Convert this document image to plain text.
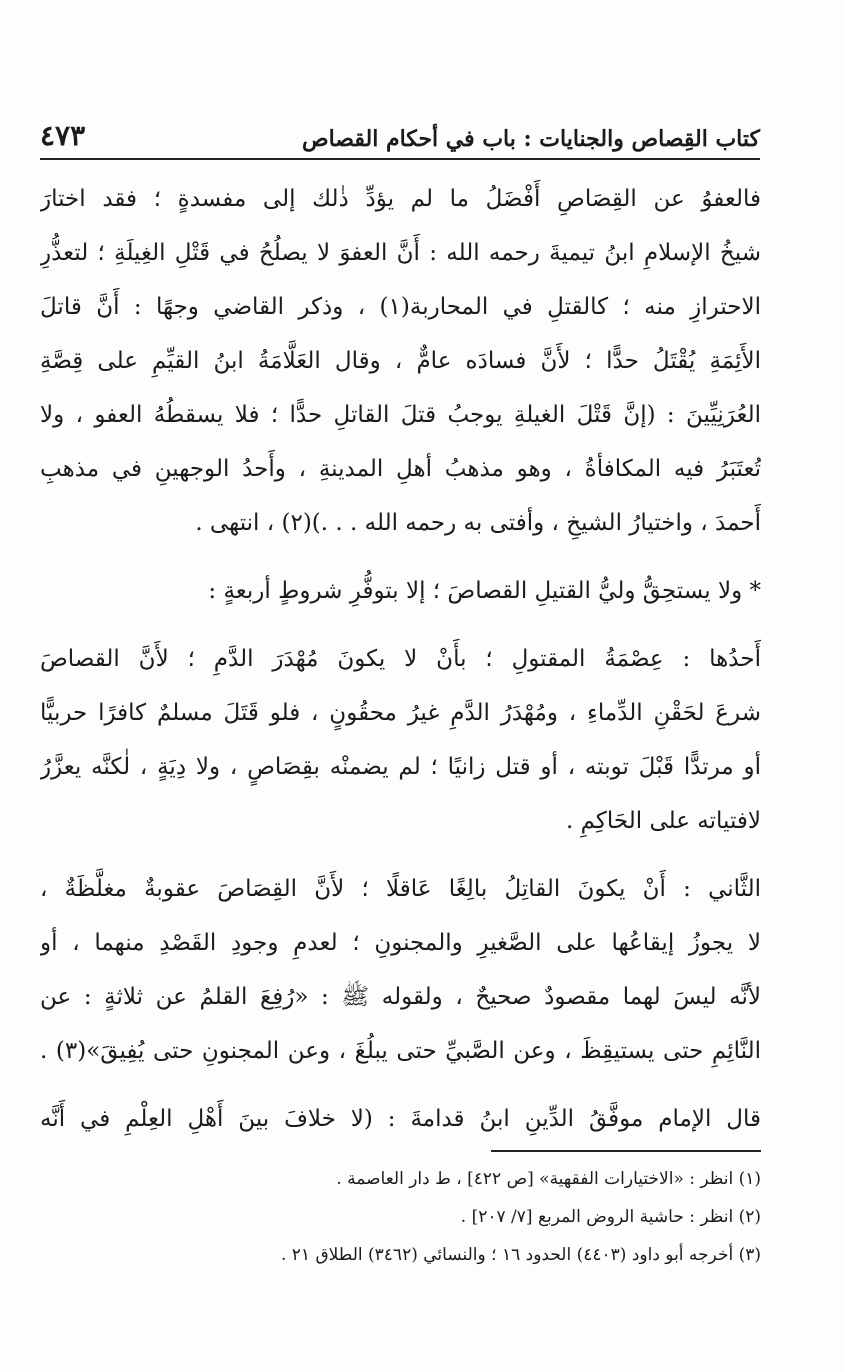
كتاب القِصاص والجنايات : باب في أحكام القصاص
٤٧٣
فالعفوُ عن القِصَاصِ أَفْضَلُ ما لم يؤدِّ ذٰلك إلى مفسدةٍ ؛ فقد اختارَ
شيخُ الإسلامِ ابنُ تيميةَ رحمه الله : أَنَّ العفوَ لا يصلُحُ في قَتْلِ الغِيلَةِ ؛ لتعذُّرِ
الاحترازِ منه ؛ كالقتلِ في المحاربة(١) ، وذكر القاضي وجهًا : أَنَّ قاتلَ
الأَئِمَةِ يُقْتَلُ حدًّا ؛ لأَنَّ فسادَه عامٌّ ، وقال العَلَّامَةُ ابنُ القيِّمِ على قِصَّةِ
العُرَنِيِّينَ : (إنَّ قَتْلَ الغيلةِ يوجبُ قتلَ القاتلِ حدًّا ؛ فلا يسقطُهُ العفو ، ولا
تُعتَبَرُ فيه المكافأةُ ، وهو مذهبُ أهلِ المدينةِ ، وأَحدُ الوجهينِ في مذهبِ
أَحمدَ ، واختيارُ الشيخِ ، وأفتى به رحمه الله . . .)(٢) ، انتهى .
* ولا يستحِقُّ وليُّ القتيلِ القصاصَ ؛ إلا بتوفُّرِ شروطٍ أربعةٍ :
أَحدُها : عِصْمَةُ المقتولِ ؛ بأَنْ لا يكونَ مُهْدَرَ الدَّمِ ؛ لأَنَّ القصاصَ
شرعَ لحَقْنِ الدِّماءِ ، ومُهْدَرُ الدَّمِ غيرُ محقُونٍ ، فلو قَتَلَ مسلمٌ كافرًا حربيًّا
أو مرتدًّا قَبْلَ توبته ، أو قتل زانيًا ؛ لم يضمنْه بقِصَاصٍ ، ولا دِيَةٍ ، لٰكنَّه يعزَّرُ
لافتياته على الحَاكِمِ .
الثَّاني : أَنْ يكونَ القاتِلُ بالِغًا عَاقلًا ؛ لأَنَّ القِصَاصَ عقوبةٌ مغلَّظَةٌ ،
لا يجوزُ إيقاعُها على الصَّغيرِ والمجنونِ ؛ لعدمِ وجودِ القَصْدِ منهما ، أو
لأنَّه ليسَ لهما مقصودٌ صحيحٌ ، ولقوله ﷺ : «رُفِعَ القلمُ عن ثلاثةٍ : عن
النَّائِمِ حتى يستيقِظَ ، وعن الصَّبيِّ حتى يبلُغَ ، وعن المجنونِ حتى يُفِيقَ»(٣) .
قال الإمام موفَّقُ الدِّينِ ابنُ قدامةَ : (لا خلافَ بينَ أَهْلِ العِلْمِ في أَنَّه
(١) انظر : «الاختيارات الفقهية» [ص ٤٢٢] ، ط دار العاصمة .
(٢) انظر : حاشية الروض المربع [٧/ ٢٠٧] .
(٣) أخرجه أبو داود (٤٤٠٣) الحدود ١٦ ؛ والنسائي (٣٤٦٢) الطلاق ٢١ .
